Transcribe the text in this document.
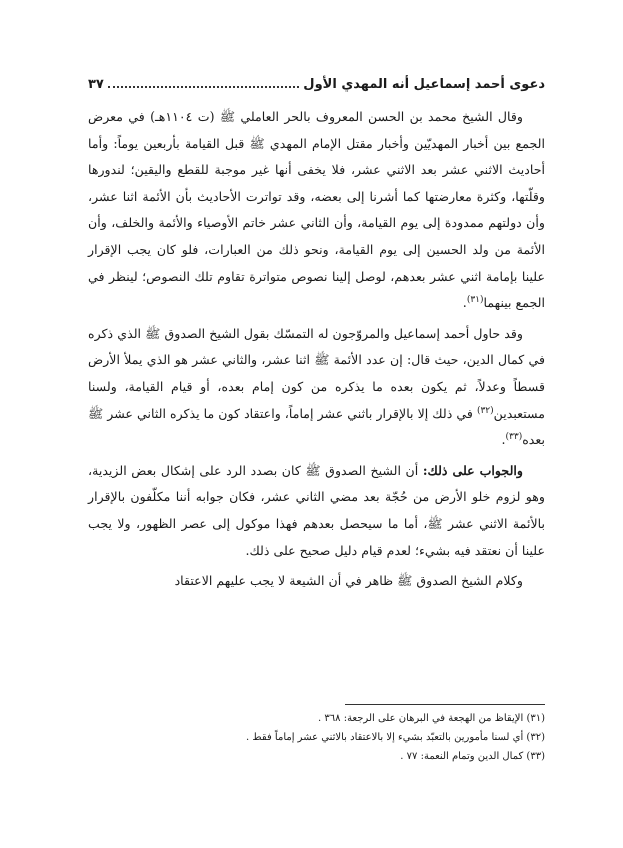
دعوى أحمد إسماعيل أنه المهدي الأول
٣٧

وقال الشيخ محمد بن الحسن المعروف بالحر العاملي ﷺ (ت ١١٠٤هـ) في معرض الجمع بين أخبار المهديّين وأخبار مقتل الإمام المهدي ﷺ قبل القيامة بأربعين يوماً: وأما أحاديث الاثني عشر بعد الاثني عشر، فلا يخفى أنها غير موجبة للقطع واليقين؛ لندورها وقلّتها، وكثرة معارضتها كما أشرنا إلى بعضه، وقد تواترت الأحاديث بأن الأئمة اثنا عشر، وأن دولتهم ممدودة إلى يوم القيامة، وأن الثاني عشر خاتم الأوصياء والأئمة والخلف، وأن الأئمة من ولد الحسين إلى يوم القيامة، ونحو ذلك من العبارات، فلو كان يجب الإقرار علينا بإمامة اثني عشر بعدهم، لوصل إلينا نصوص متواترة تقاوم تلك النصوص؛ لينظر في الجمع بينهما$^{(٣١)}$.

وقد حاول أحمد إسماعيل والمروّجون له التمسّك بقول الشيخ الصدوق ﷺ الذي ذكره في كمال الدين، حيث قال: إن عدد الأئمة ﷺ اثنا عشر، والثاني عشر هو الذي يملأ الأرض قسطاً وعدلاً، ثم يكون بعده ما يذكره من كون إمام بعده، أو قيام القيامة، ولسنا مستعبدين$^{(٣٢)}$ في ذلك إلا بالإقرار باثني عشر إماماً، واعتقاد كون ما يذكره الثاني عشر ﷺ بعده$^{(٣٣)}$.

والجواب على ذلك: أن الشيخ الصدوق ﷺ كان بصدد الرد على إشكال بعض الزيدية، وهو لزوم خلو الأرض من حُجّة بعد مضي الثاني عشر، فكان جوابه أننا مكلّفون بالإقرار بالأئمة الاثني عشر ﷺ، أما ما سيحصل بعدهم فهذا موكول إلى عصر الظهور، ولا يجب علينا أن نعتقد فيه بشيء؛ لعدم قيام دليل صحيح على ذلك.

وكلام الشيخ الصدوق ﷺ ظاهر في أن الشيعة لا يجب عليهم الاعتقاد

(٣١) الإيقاظ من الهجعة في البرهان على الرجعة: ٣٦٨ .

(٣٢) أي لسنا مأمورين بالتعبّد بشيء إلا بالاعتقاد بالاثني عشر إماماً فقط .

(٣٣) كمال الدين وتمام النعمة: ٧٧ .
